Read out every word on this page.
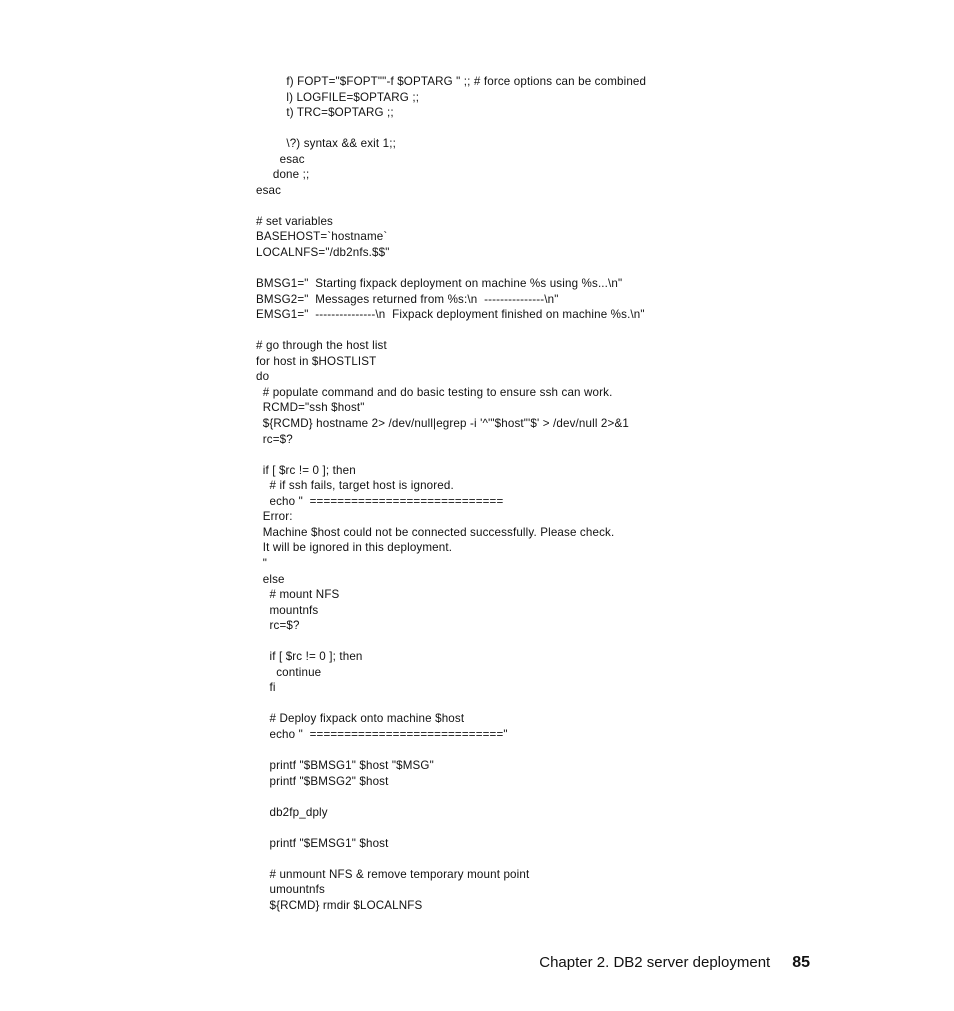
f) FOPT="$FOPT""-f $OPTARG " ;; # force options can be combined
l) LOGFILE=$OPTARG ;;
t) TRC=$OPTARG ;;
\?) syntax && exit 1;;
esac
done ;;
esac
# set variables
BASEHOST=`hostname`
LOCALNFS="/db2nfs.$$"
BMSG1="  Starting fixpack deployment on machine %s using %s...\n"
BMSG2="  Messages returned from %s:\n  ---------------\n"
EMSG1="  ---------------\n  Fixpack deployment finished on machine %s.\n"
# go through the host list
for host in $HOSTLIST
do
# populate command and do basic testing to ensure ssh can work.
RCMD="ssh $host"
${RCMD} hostname 2> /dev/null|egrep -i '^'"$host"'$' > /dev/null 2>&1
rc=$?
if [ $rc != 0 ]; then
# if ssh fails, target host is ignored.
echo "  ============================
Error:
Machine $host could not be connected successfully. Please check.
It will be ignored in this deployment.
"
else
# mount NFS
mountnfs
rc=$?
if [ $rc != 0 ]; then
continue
fi
# Deploy fixpack onto machine $host
echo "  ============================"
printf "$BMSG1" $host "$MSG"
printf "$BMSG2" $host
db2fp_dply
printf "$EMSG1" $host
# unmount NFS & remove temporary mount point
umountnfs
${RCMD} rmdir $LOCALNFS
Chapter 2. DB2 server deployment 85
